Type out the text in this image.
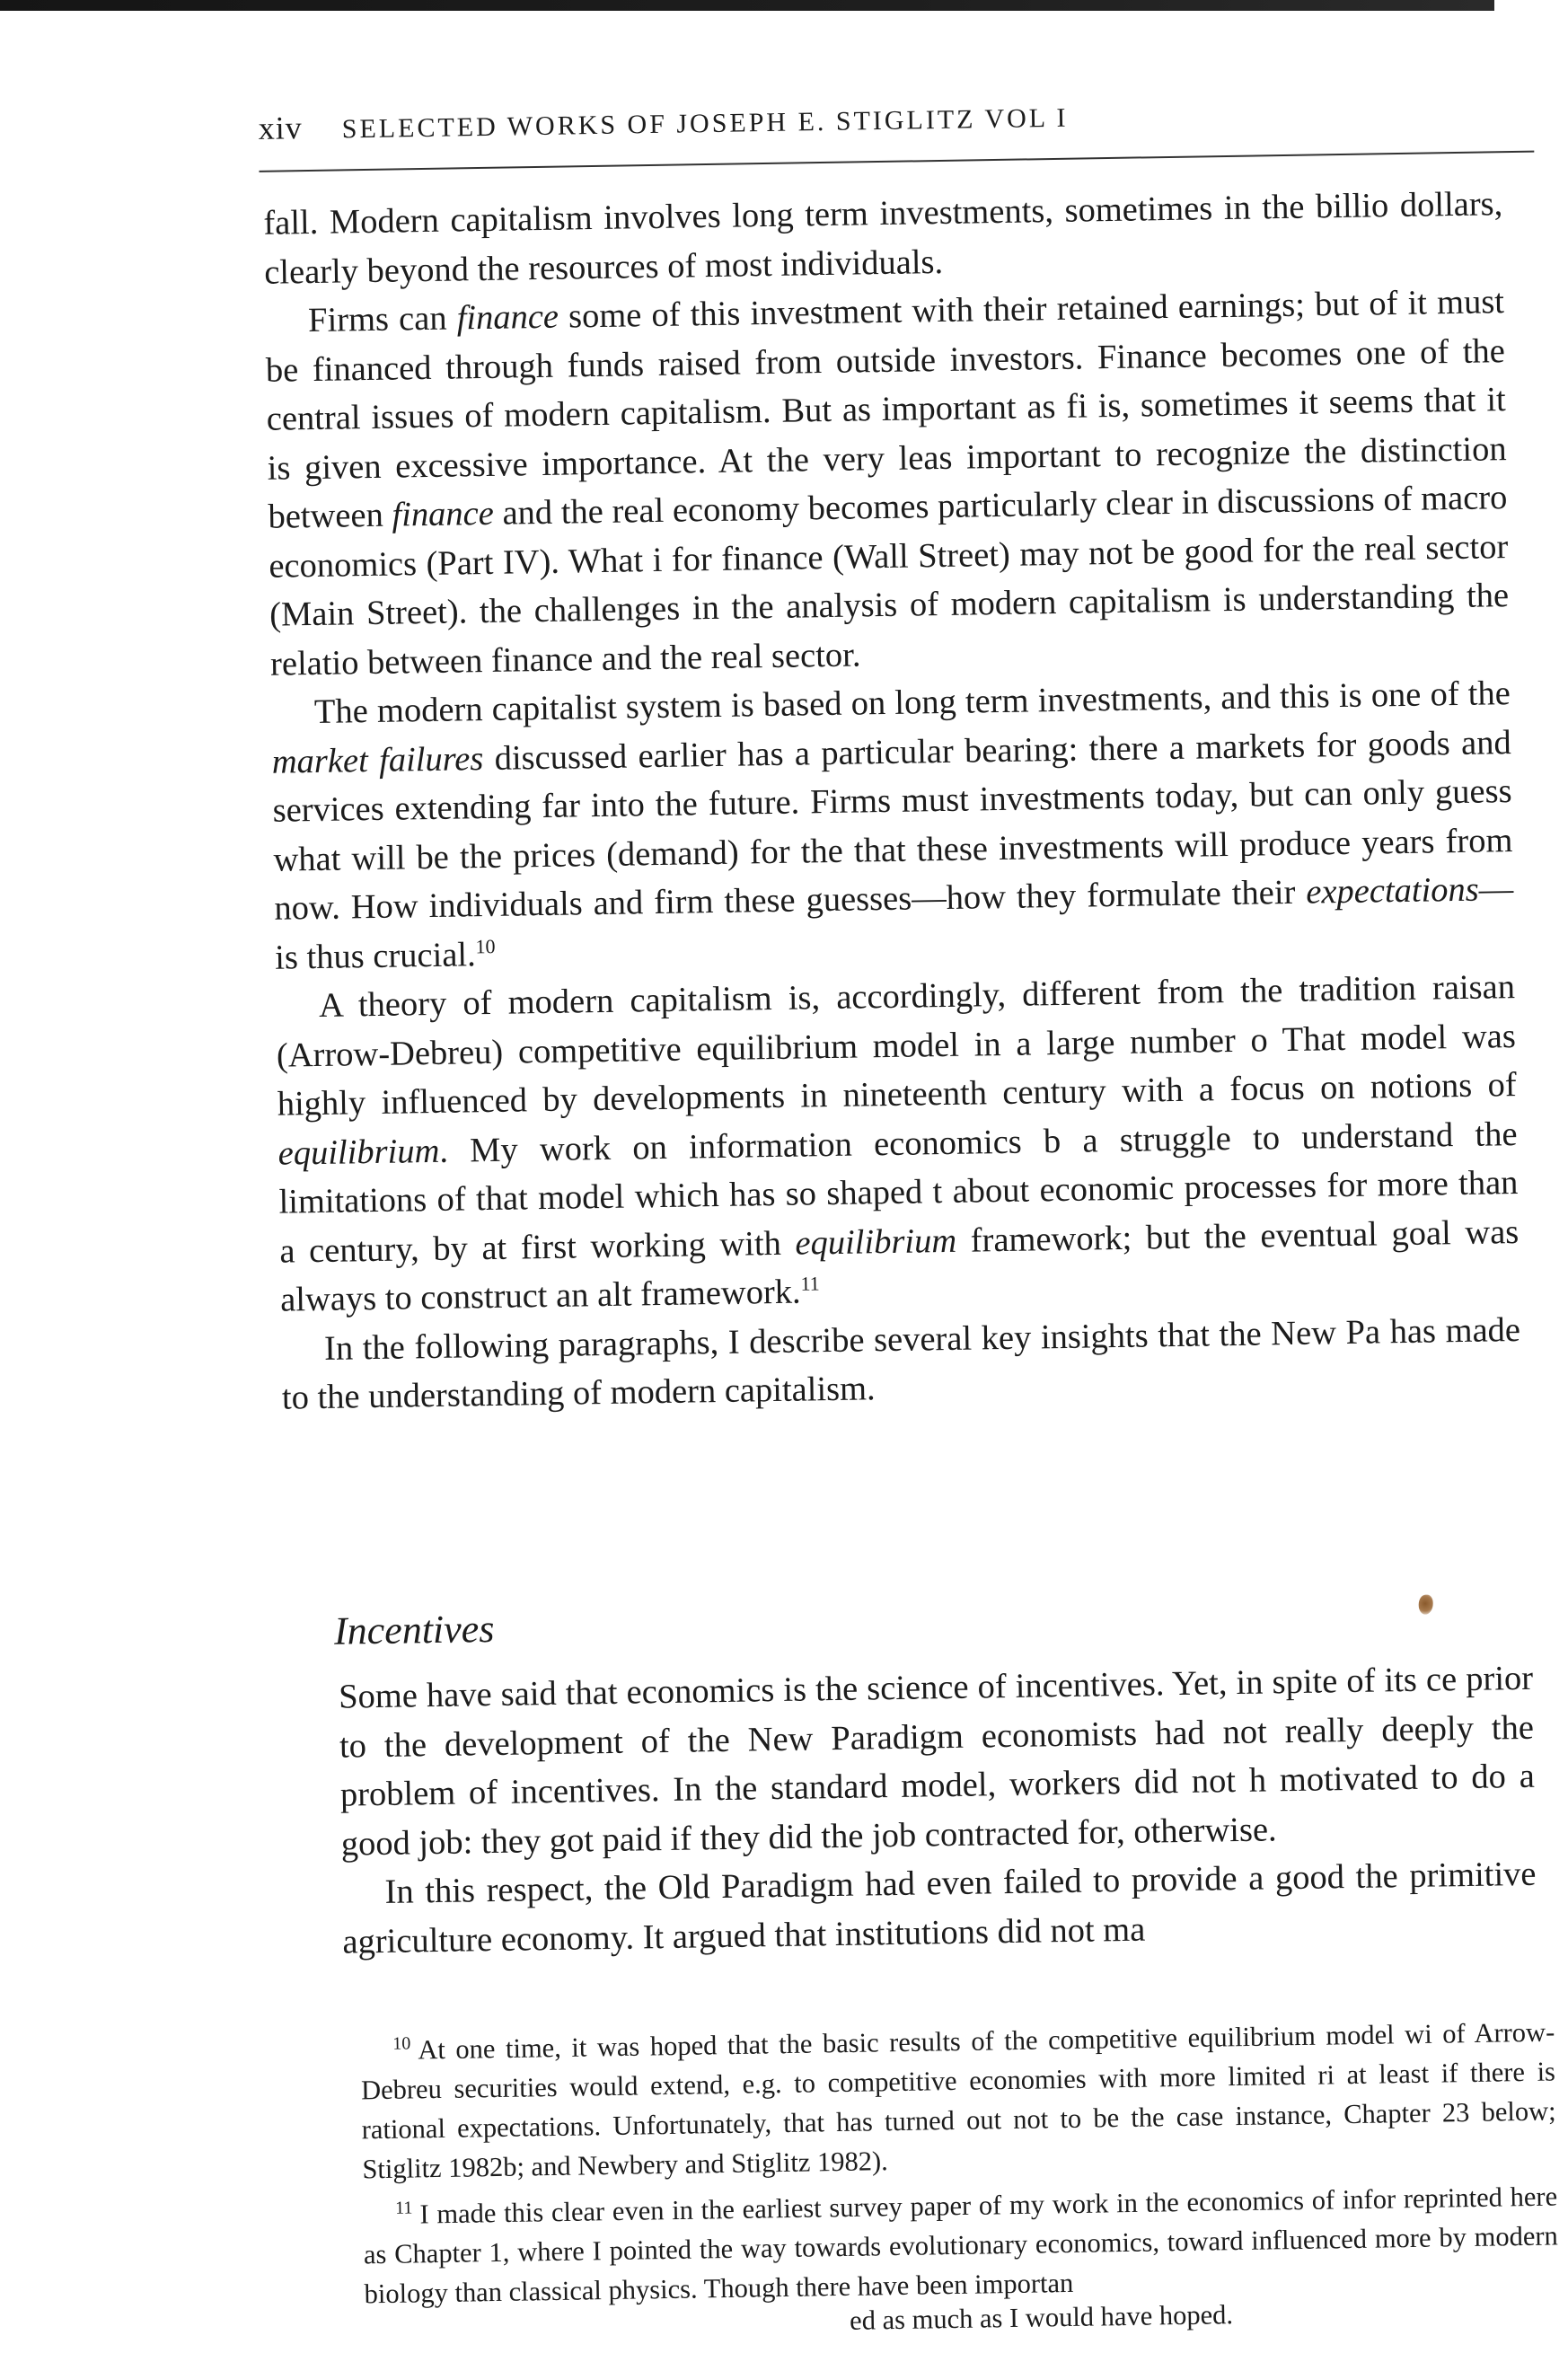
xiv SELECTED WORKS OF JOSEPH E. STIGLITZ VOL I

fall. Modern capitalism involves long term investments, sometimes in the billio dollars, clearly beyond the resources of most individuals.

Firms can finance some of this investment with their retained earnings; but of it must be financed through funds raised from outside investors. Finance becomes one of the central issues of modern capitalism. But as important as fi is, sometimes it seems that it is given excessive importance. At the very leas important to recognize the distinction between finance and the real economy becomes particularly clear in discussions of macro economics (Part IV). What i for finance (Wall Street) may not be good for the real sector (Main Street). the challenges in the analysis of modern capitalism is understanding the relatio between finance and the real sector.

The modern capitalist system is based on long term investments, and this is one of the market failures discussed earlier has a particular bearing: there a markets for goods and services extending far into the future. Firms must investments today, but can only guess what will be the prices (demand) for the that these investments will produce years from now. How individuals and firm these guesses—how they formulate their expectations—is thus crucial.$^{10}$

A theory of modern capitalism is, accordingly, different from the tradition raisan (Arrow-Debreu) competitive equilibrium model in a large number o That model was highly influenced by developments in nineteenth century with a focus on notions of equilibrium. My work on information economics b a struggle to understand the limitations of that model which has so shaped t about economic processes for more than a century, by at first working with equilibrium framework; but the eventual goal was always to construct an alt framework.$^{11}$

In the following paragraphs, I describe several key insights that the New Pa has made to the understanding of modern capitalism.

Incentives

Some have said that economics is the science of incentives. Yet, in spite of its ce prior to the development of the New Paradigm economists had not really deeply the problem of incentives. In the standard model, workers did not h motivated to do a good job: they got paid if they did the job contracted for, otherwise.

In this respect, the Old Paradigm had even failed to provide a good the primitive agriculture economy. It argued that institutions did not ma

$^{10}$ At one time, it was hoped that the basic results of the competitive equilibrium model wi of Arrow-Debreu securities would extend, e.g. to competitive economies with more limited ri at least if there is rational expectations. Unfortunately, that has turned out not to be the case instance, Chapter 23 below; Stiglitz 1982b; and Newbery and Stiglitz 1982).

$^{11}$ I made this clear even in the earliest survey paper of my work in the economics of infor reprinted here as Chapter 1, where I pointed the way towards evolutionary economics, toward influenced more by modern biology than classical physics. Though there have been importan

ed as much as I would have hoped.
